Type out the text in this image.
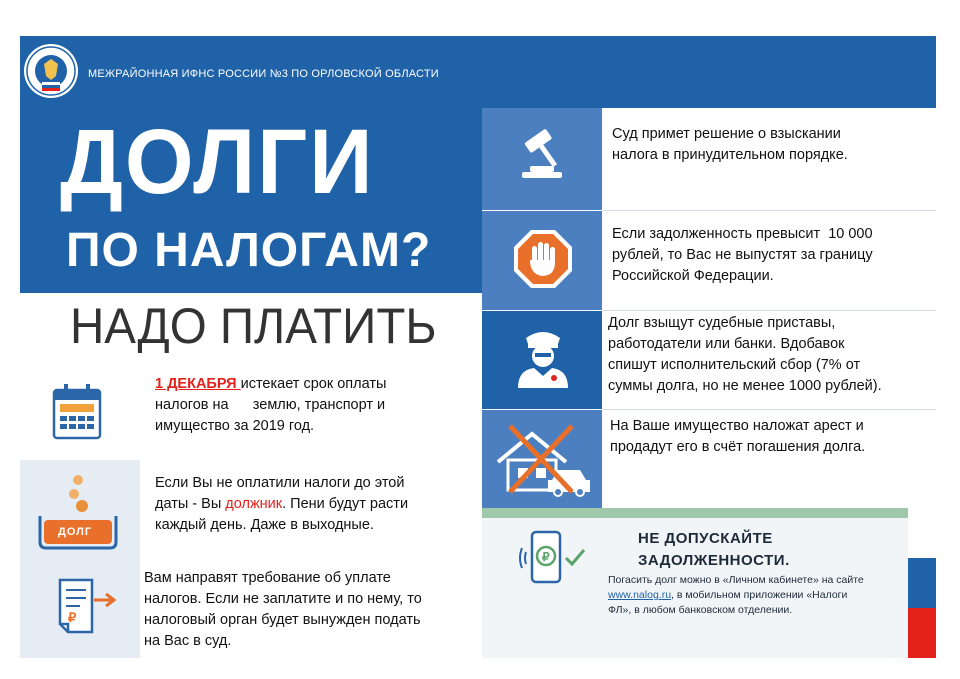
МЕЖРАЙОННАЯ ИФНС РОССИИ №3 ПО ОРЛОВСКОЙ ОБЛАСТИ
ДОЛГИ
ПО НАЛОГАМ?
НАДО ПЛАТИТЬ
1
1 ДЕКАБРЯ истекает срок оплаты
налогов на      землю, транспорт и
имущество за 2019 год.
ДОЛГ
Если Вы не оплатили налоги до этой
даты - Вы должник. Пени будут расти
каждый день. Даже в выходные.
₽
Вам направят требование об уплате
налогов. Если не заплатите и по нему, то
налоговый орган будет вынужден подать
на Вас в суд.
Суд примет решение о взыскании
налога в принудительном порядке.
Если задолженность превысит  10 000
рублей, то Вас не выпустят за границу
Российской Федерации.
Долг взыщут судебные приставы,
работодатели или банки. Вдобавок
спишут исполнительский сбор (7% от
суммы долга, но не менее 1000 рублей).
На Ваше имущество наложат арест и
продадут его в счёт погашения долга.
₽
НЕ ДОПУСКАЙТЕ
ЗАДОЛЖЕННОСТИ.
Погасить долг можно в «Личном кабинете» на сайте
www.nalog.ru, в мобильном приложении «Налоги
ФЛ», в любом банковском отделении.
